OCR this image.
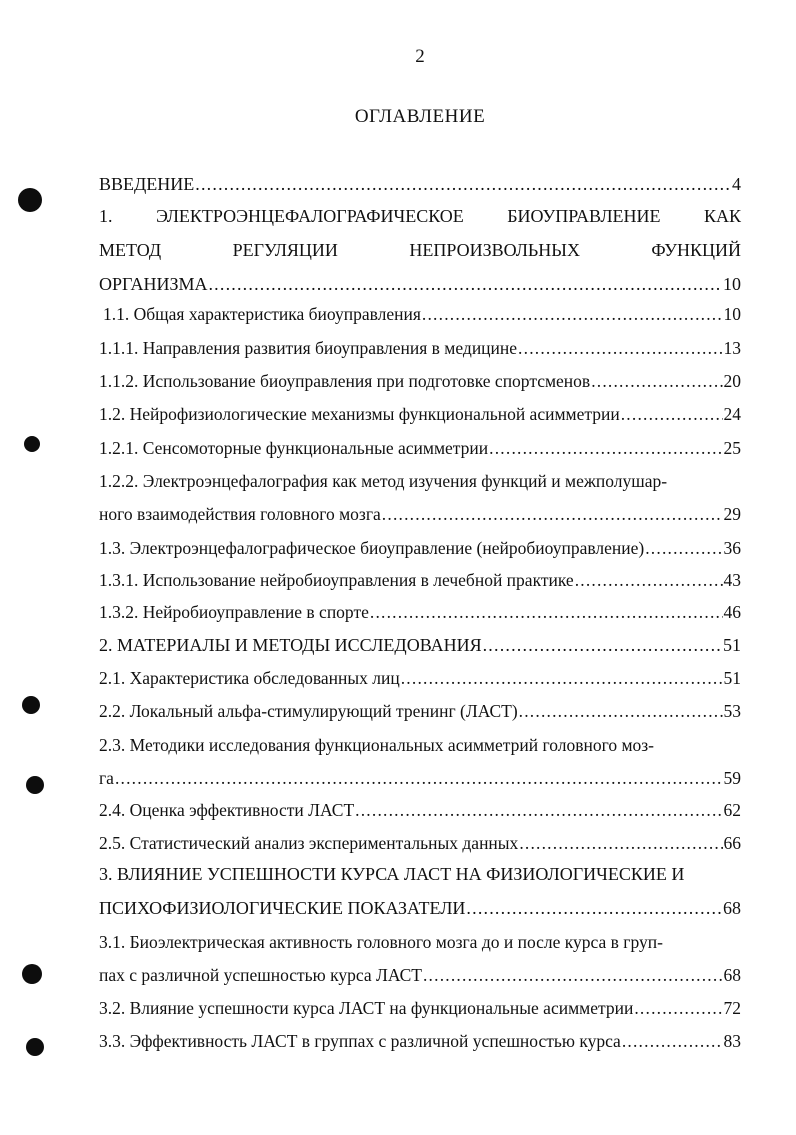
2
ОГЛАВЛЕНИЕ
ВВЕДЕНИЕ .....	4
1. ЭЛЕКТРОЭНЦЕФАЛОГРАФИЧЕСКОЕ БИОУПРАВЛЕНИЕ КАК
МЕТОД	РЕГУЛЯЦИИ	НЕПРОИЗВОЛЬНЫХ	ФУНКЦИЙ
ОРГАНИЗМА .....	10
1.1. Общая характеристика биоуправления .....	10
1.1.1. Направления развития биоуправления в медицине .....	13
1.1.2. Использование биоуправления при подготовке спортсменов .....	20
1.2. Нейрофизиологические механизмы функциональной асимметрии .....	24
1.2.1. Сенсомоторные функциональные асимметрии .....	25
1.2.2. Электроэнцефалография как метод изучения функций и межполушар-
ного взаимодействия головного мозга .....	29
1.3. Электроэнцефалографическое биоуправление (нейробиоуправление) .....	36
1.3.1. Использование нейробиоуправления в лечебной практике .....	43
1.3.2. Нейробиоуправление в спорте .....	46
2. МАТЕРИАЛЫ И МЕТОДЫ ИССЛЕДОВАНИЯ .....	51
2.1. Характеристика обследованных лиц .....	51
2.2. Локальный альфа-стимулирующий тренинг (ЛАСТ) .....	53
2.3. Методики исследования функциональных асимметрий головного моз-
га .....	59
2.4. Оценка эффективности ЛАСТ .....	62
2.5. Статистический анализ экспериментальных данных .....	66
3. ВЛИЯНИЕ УСПЕШНОСТИ КУРСА ЛАСТ НА ФИЗИОЛОГИЧЕСКИЕ И
ПСИХОФИЗИОЛОГИЧЕСКИЕ ПОКАЗАТЕЛИ .....	68
3.1. Биоэлектрическая активность головного мозга до и после курса в груп-
пах с различной успешностью курса ЛАСТ .....	68
3.2. Влияние успешности курса ЛАСТ на функциональные асимметрии .....	72
3.3. Эффективность ЛАСТ в группах с различной успешностью курса .....	83
